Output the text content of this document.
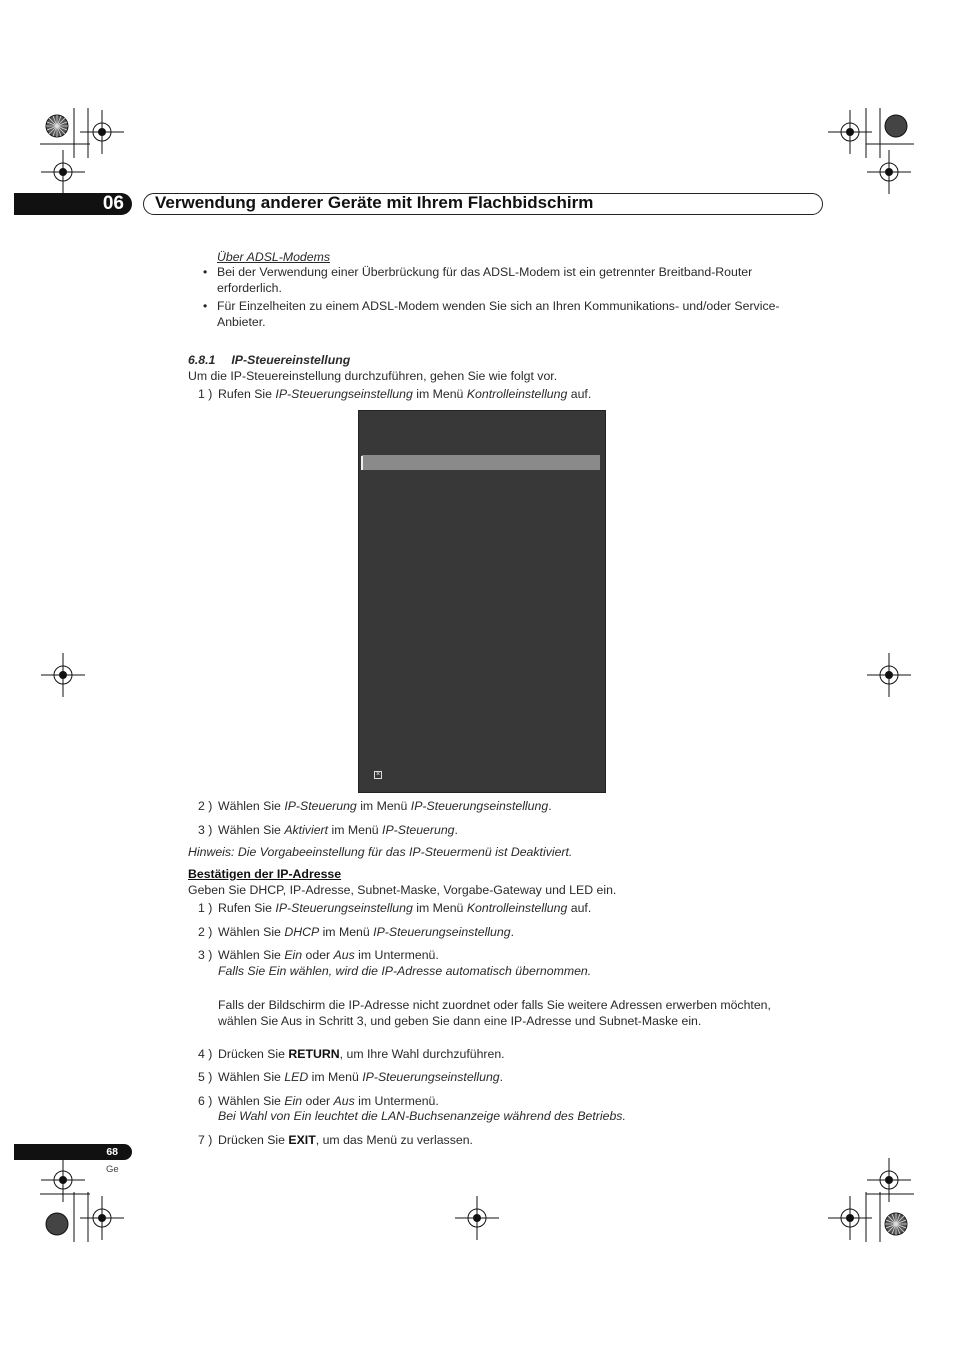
06	Verwendung anderer Geräte mit Ihrem Flachbidschirm
Über ADSL-Modems
• Bei der Verwendung einer Überbrückung für das ADSL-Modem ist ein getrennter Breitband-Router
erforderlich.
• Für Einzelheiten zu einem ADSL-Modem wenden Sie sich an Ihren Kommunikations- und/oder Service-
Anbieter.
6.8.1 IP-Steuereinstellung
Um die IP-Steuereinstellung durchzuführen, gehen Sie wie folgt vor.
1 ) Rufen Sie IP-Steuerungseinstellung im Menü Kontrolleinstellung auf.
×
2 ) Wählen Sie IP-Steuerung im Menü IP-Steuerungseinstellung.
3 ) Wählen Sie Aktiviert im Menü IP-Steuerung.
Hinweis: Die Vorgabeeinstellung für das IP-Steuermenü ist Deaktiviert.
Bestätigen der IP-Adresse
Geben Sie DHCP, IP-Adresse, Subnet-Maske, Vorgabe-Gateway und LED ein.
1 ) Rufen Sie IP-Steuerungseinstellung im Menü Kontrolleinstellung auf.
2 ) Wählen Sie DHCP im Menü IP-Steuerungseinstellung.
3 ) Wählen Sie Ein oder Aus im Untermenü.
Falls Sie Ein wählen, wird die IP-Adresse automatisch übernommen.
Falls der Bildschirm die IP-Adresse nicht zuordnet oder falls Sie weitere Adressen erwerben möchten,
wählen Sie Aus in Schritt 3, und geben Sie dann eine IP-Adresse und Subnet-Maske ein.
4 ) Drücken Sie RETURN, um Ihre Wahl durchzuführen.
5 ) Wählen Sie LED im Menü IP-Steuerungseinstellung.
6 ) Wählen Sie Ein oder Aus im Untermenü.
Bei Wahl von Ein leuchtet die LAN-Buchsenanzeige während des Betriebs.
7 ) Drücken Sie EXIT, um das Menü zu verlassen.
68
Ge
